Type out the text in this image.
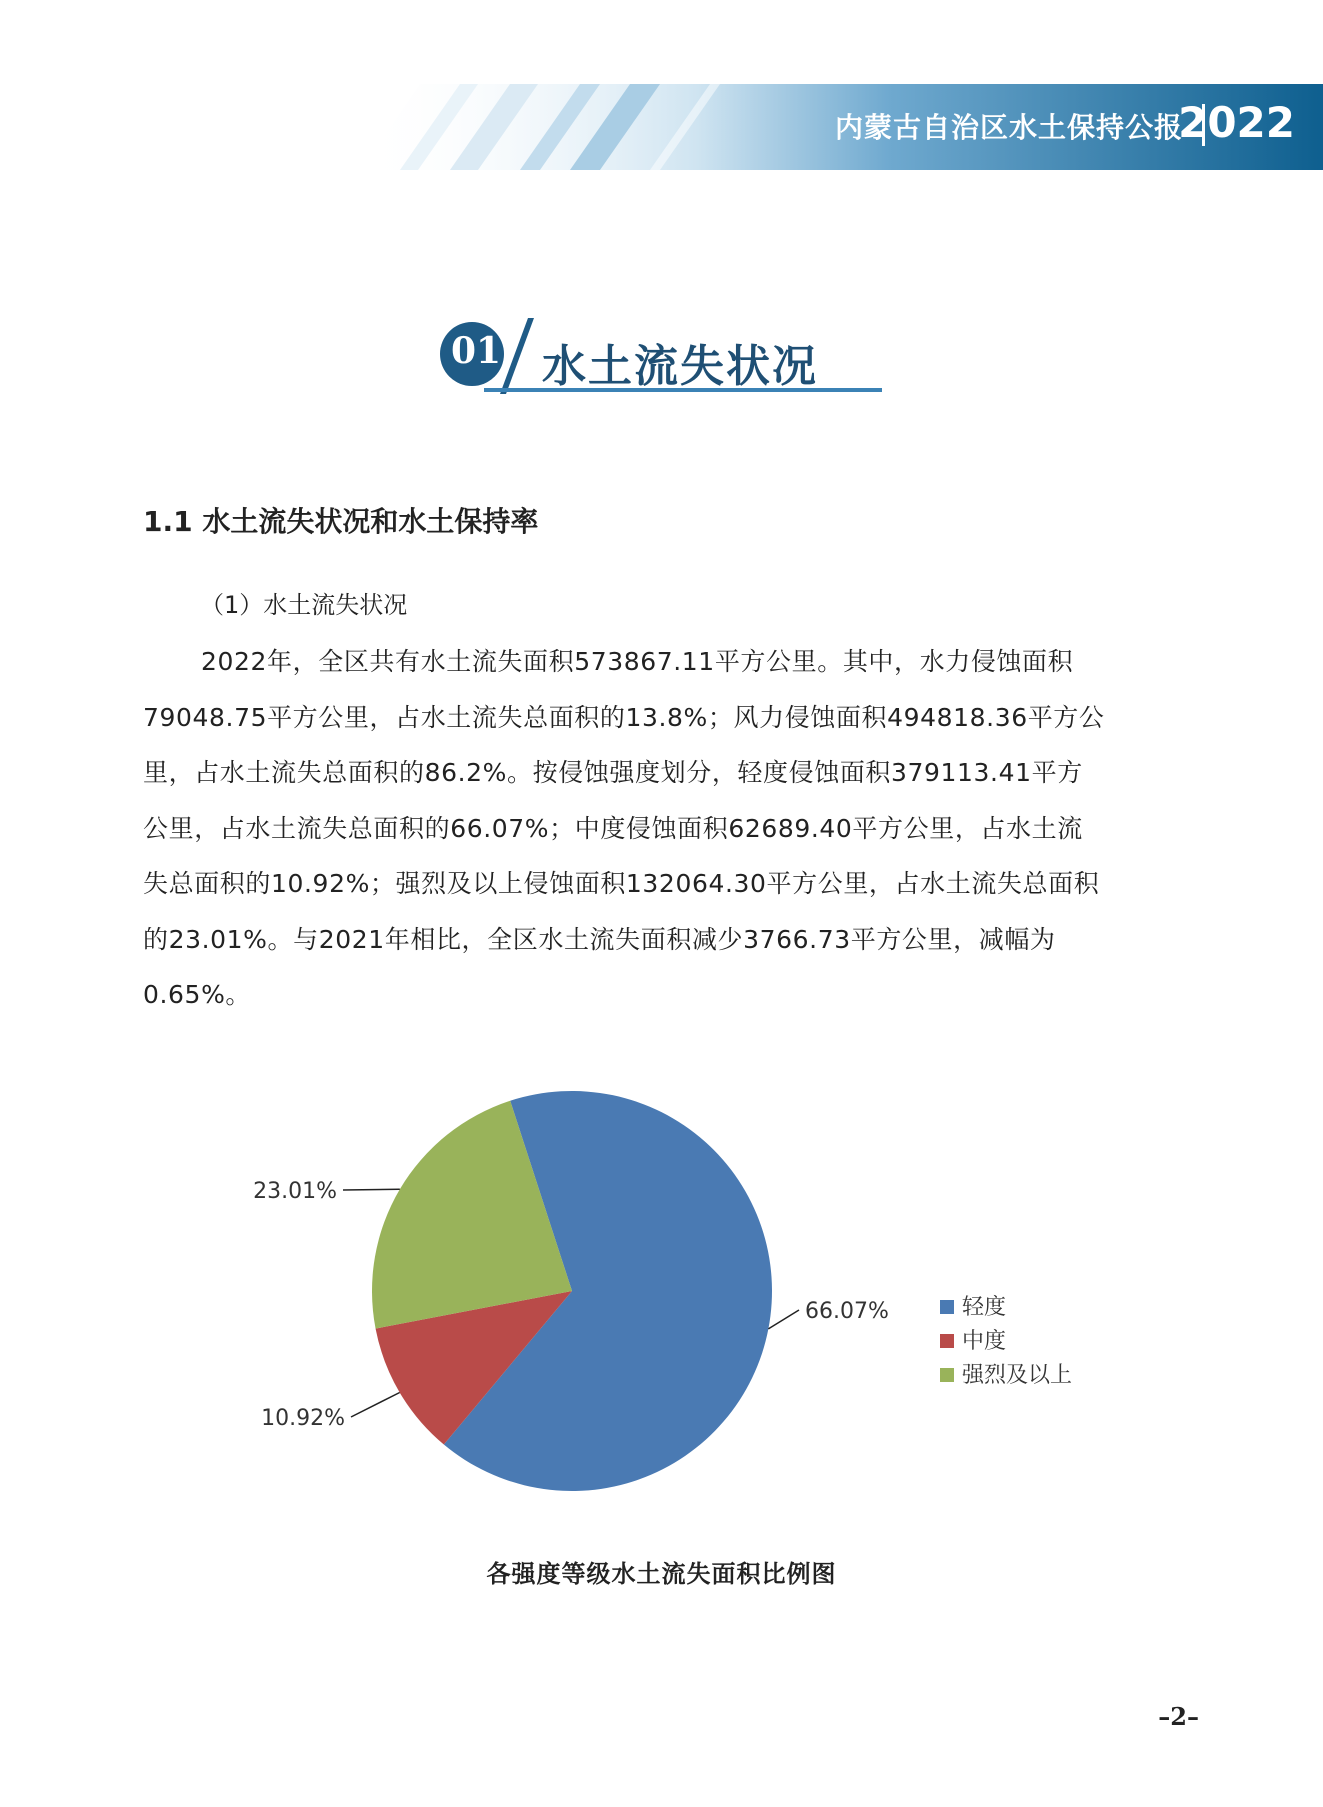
内蒙古自治区水土保持公报
2022
01 水土流失状况
1.1 水土流失状况和水土保持率
（1）水土流失状况
2022年，全区共有水土流失面积573867.11平方公里。其中，水力侵蚀面积
79048.75平方公里，占水土流失总面积的13.8%；风力侵蚀面积494818.36平方公
里，占水土流失总面积的86.2%。按侵蚀强度划分，轻度侵蚀面积379113.41平方
公里，占水土流失总面积的66.07%；中度侵蚀面积62689.40平方公里，占水土流
失总面积的10.92%；强烈及以上侵蚀面积132064.30平方公里，占水土流失总面积
的23.01%。与2021年相比，全区水土流失面积减少3766.73平方公里，减幅为
0.65%。
66.07%
10.92%
23.01%
轻度
中度
强烈及以上
各强度等级水土流失面积比例图
–2–
